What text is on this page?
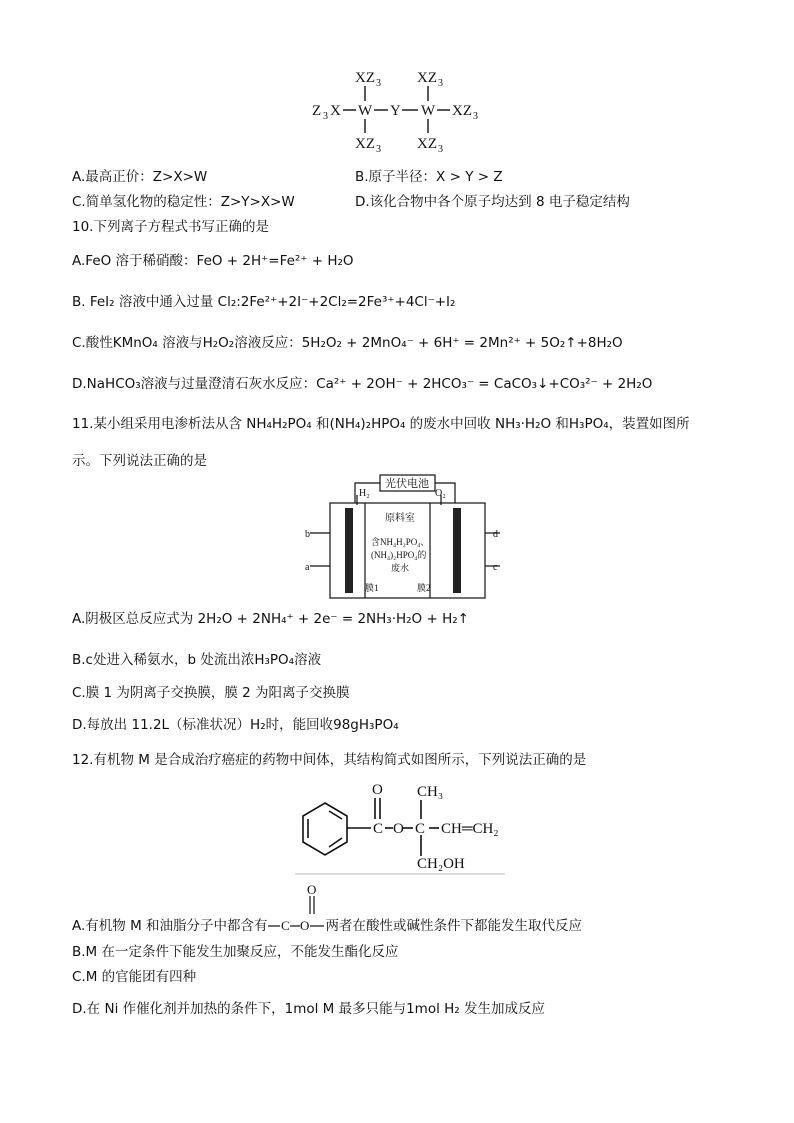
XZ 3 XZ 3
Z 3 X W Y W XZ 3
XZ 3 XZ 3
A.最高正价：Z>X>W	B.原子半径：X > Y > Z
C.简单氢化物的稳定性：Z>Y>X>W	D.该化合物中各个原子均达到 8 电子稳定结构
10.下列离子方程式书写正确的是
A.FeO 溶于稀硝酸：FeO + 2H⁺=Fe²⁺ + H₂O
B. FeI₂ 溶液中通入过量 Cl₂:2Fe²⁺+2I⁻+2Cl₂=2Fe³⁺+4Cl⁻+I₂
C.酸性KMnO₄ 溶液与H₂O₂溶液反应：5H₂O₂ + 2MnO₄⁻ + 6H⁺ = 2Mn²⁺ + 5O₂↑+8H₂O
D.NaHCO₃溶液与过量澄清石灰水反应：Ca²⁺ + 2OH⁻ + 2HCO₃⁻ = CaCO₃↓+CO₃²⁻ + 2H₂O
11.某小组采用电渗析法从含 NH₄H₂PO₄ 和(NH₄)₂HPO₄ 的废水中回收 NH₃·H₂O 和H₃PO₄，装置如图所
示。下列说法正确的是
光伏电池
H₂	O₂
原料室
含NH₄H₂PO₄、
(NH₄)₂HPO₄的
废水
膜1	膜2
b
a
d
c
A.阴极区总反应式为 2H₂O + 2NH₄⁺ + 2e⁻ = 2NH₃·H₂O + H₂↑
B.c处进入稀氨水，b 处流出浓H₃PO₄溶液
C.膜 1 为阴离子交换膜，膜 2 为阳离子交换膜
D.每放出 11.2L（标准状况）H₂时，能回收98gH₃PO₄
12.有机物 M 是合成治疗癌症的药物中间体，其结构简式如图所示，下列说法正确的是
O
C O C
CH₃
CH═CH₂
CH₂OH
A.有机物 M 和油脂分子中都含有 C O 两者在酸性或碱性条件下都能发生取代反应
O
B.M 在一定条件下能发生加聚反应，不能发生酯化反应
C.M 的官能团有四种
D.在 Ni 作催化剂并加热的条件下，1mol M 最多只能与1mol H₂ 发生加成反应
